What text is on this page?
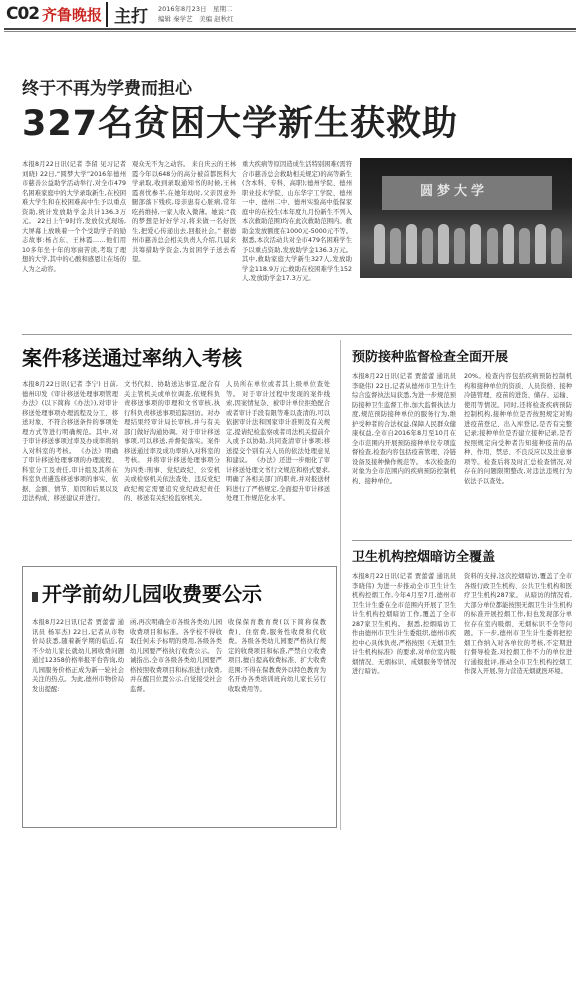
C02 齐鲁晚报 主打 2016年8月23日　星期二
编辑 秦学艺　美编 赵秋红
终于不再为学费而担心
327名贫困大学新生获救助
本报8月22日讯(记者 李留 见习记者 刘晓) 22日,“圆梦大学”2016年德州市慈善公益助学活动举行,对全市479名困难家庭中的大学录取新生,在校困难大学生和在校困难高中生予以重点资助,统计发放助学金共计136.3万元。 22日上午9时许,发放仪式现场,大屏幕上放映着一个个受助学子的励志故事:杨占东、王林霞……他们用10多年坐十年的寒窗苦读,考取了理想的大学,其中的心酸和感恩让在场的人为之动容。
观众无不为之动容。 来自庆云的王林霞今年以648分的高分被首都医科大学录取,收到录取通知书的时候,王林霞喜忧参半,在她年幼时,父亲因意外腿部落下残疾,母亲患有心脏病,常年吃药维持,一家人收入微薄。她说:“我的梦想是好好学习,将来做一名好医生,把爱心传递出去,回报社会。” 据德州市慈善总会相关负责人介绍,几届来共筹措助学资金,为贫困学子送去希望。
重大疾病等原因造成生活特别困难(需符合市慈善总会救助相关规定)的高等新生(含本科、专科、高职);德州学院、德州职业技术学院、山东华宇工学院、德州一中、德州二中、德州实验高中低保家庭中的在校生(本年度九月份新生不列入本次救助范围)均在此次救助范围内。救助金发放额度在1000元-5000元不等。 据悉,本次活动共对全市479名困难学生予以重点资助,发放助学金136.3万元。其中,救助家庭大学新生327人,发放助学金118.9万元;救助在校困难学生152人,发放助学金17.3万元。
圆梦大学
案件移送通过率纳入考核
本报8月22日讯(记者 李宁) 日前,德州印发《审计移送处理事项管理办法》(以下简称《办法》),对审计移送处理事项办理流程及分工、移送对象、不符合移送条件的事项处理方式等进行明确规范。其中,对于审计移送事项过率及办成率将纳入对科室的考核。 《办法》明确了审计移送处理事项的办理流程、科室分工及责任,审计组及其所在科室负责遴选移送事项的事实、依据、金额、情节、原因和后果以及违法构成、移送建议并进行。
文书代拟、协助送达事宜,配合有关主管机关或单位调查,依规科负责移送事项的审理和文书审核,执行科负责移送事项追踪回访。对办理结果经审计局长审核,并与有关部门做好沟通协调。对于审计移送事项,可以移送,并督促落实。案件移送通过率及成功率纳入对科室的考核。 并将审计移送处理事项分为四类:刑事、党纪政纪、公安机关或检察机关依法查处、违反党纪政纪规定需要追究党纪政纪责任的、移送有关纪检监察机关。
人员所在单位或者其上级单位查处等。 对于审计过程中发现的案件线索,因案情复杂、被审计单位拒绝配合或者审计手段有限等难以查清的,可以依据审计法和国家审计准则及有关规定,提请纪检监察或者司法机关提前介入或予以协助,共同查清审计事项;移送提交个别有关人员的依法处理意见和建议。 《办法》还进一步细化了审计移送处理文书行文规范和格式要求,明确了各相关部门的职责,并对报送材料进行了严格规定,全面提升审计移送处理工作规范化水平。
预防接种监督检查全面开展
本报8月22日讯(记者 贾蕾蕾 通讯员 李晓伟) 22日,记者从德州市卫生计生综合监督执法局获悉,为进一步规范预防接种卫生监督工作,加大监督执法力度,规范预防接种单位的服务行为,维护受种者的合法权益,保障人民群众健康权益,全市自2016年8月至10月在全市范围内开展预防接种单位专项监督检查,检查内容包括疫苗管理、冷链设备及接种操作规范等。 本次检查的对象为全市范围内的疾病预防控制机构、接种单位。
20%。检查内容包括疾病预防控制机构和接种单位的资质、人员资格、接种冷链管理、疫苗的进货、储存、运输、使用等情况。同时,还将检查疾病预防控制机构,接种单位是否按照规定对购进疫苗登记、出入库登记,是否有完整记录;接种单位是否建立接种记录,是否按照规定向受种者告知接种疫苗的品种、作用、禁忌、不良反应以及注意事项等。检查后将及时汇总检查情况,对存在的问题限期整改,对违法违规行为依法予以查处。
卫生机构控烟暗访全覆盖
本报8月22日讯(记者 贾蕾蕾 通讯员 李晓伟) 为进一步推动全市卫生计生机构控烟工作,今年4月至7月,德州市卫生计生委在全市范围内开展了卫生计生机构控烟暗访工作,覆盖了全市287家卫生机构。 据悉,控烟暗访工作由德州市卫生计生委组织,德州市疾控中心具体负责,严格按照《无烟卫生计生机构标准》的要求,对单位室内吸烟情况、无烟标识、戒烟服务等情况进行暗访。
资料的支持,这次控烟暗访,覆盖了全市各级行政卫生机构、公共卫生机构和医疗卫生机构287家。 从暗访的情况看,大部分单位都能按照无烟卫生计生机构的标准开展控烟工作,但也发现部分单位存在室内吸烟、无烟标识不全等问题。下一步,德州市卫生计生委将把控烟工作纳入对各单位的考核,不定期进行督导检查,对控烟工作不力的单位进行通报批评,推动全市卫生机构控烟工作深入开展,努力营造无烟就医环境。
开学前幼儿园收费要公示
本报8月22日讯(记者 贾蕾蕾 通讯员 杨军杰) 22日,记者从市物价局获悉,随着新学期的临近,有不少幼儿家长就幼儿园收费问题通过12358价格举报平台咨询,幼儿园服务价格正成为新一轮社会关注的热点。为此,德州市物价局发出提醒:
函,再次明确全市各级各类幼儿园收费项目和标准。各学校不得收取任何未予标明的费用,各级各类幼儿园要严格执行收费公示。 告诫指出,全市各级各类幼儿园要严格按照收费项目和标准进行收费,并在醒目位置公示,自觉接受社会监督。
收保保育教育费(以下简称保教费)、住宿费,服务性收费和代收费。各级各类幼儿园要严格执行规定的收费项目和标准,严禁自立收费项目,擅自提高收费标准、扩大收费范围;不得在保教费外以特色教育为名开办各类培训班向幼儿家长另行收取费用等。
